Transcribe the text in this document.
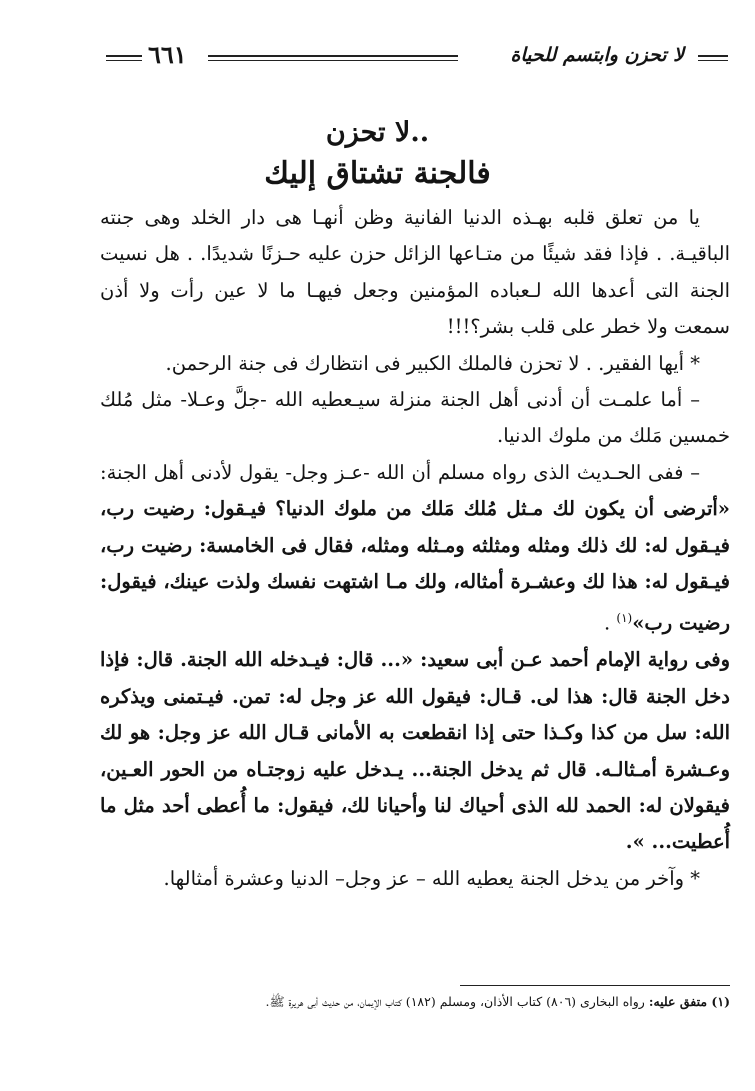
٦٦١	لا تحزن وابتسم للحياة
لا تحزن..
فالجنة تشتاق إليك

يا من تعلق قلبه بهـذه الدنيا الفانية وظن أنهـا هى دار الخلد وهى جنته الباقيـة. . فإذا فقد شيئًا من متـاعها الزائل حزن عليه حـزنًا شديدًا. . هل نسيت الجنة التى أعدها الله لـعباده المؤمنين وجعل فيهـا ما لا عين رأت ولا أذن سمعت ولا خطر على قلب بشر؟!!!

* أيها الفقير. . لا تحزن فالملك الكبير فى انتظارك فى جنة الرحمن.

– أما علمـت أن أدنى أهل الجنة منزلة سيـعطيه الله -جلَّ وعـلا- مثل مُلك خمسين مَلك من ملوك الدنيا.

– ففى الحـديث الذى رواه مسلم أن الله -عـز وجل- يقول لأدنى أهل الجنة: «أترضى أن يكون لك مـثل مُلك مَلك من ملوك الدنيا؟ فيـقول: رضيت رب، فيـقول له: لك ذلك ومثله ومثلثه ومـثله ومثله، فقال فى الخامسة: رضيت رب، فيـقول له: هذا لك وعشـرة أمثاله، ولك مـا اشتهت نفسك ولذت عينك، فيقول: رضيت رب»$^{(١)}$ .

وفى رواية الإمام أحمد عـن أبى سعيد: «... قال: فيـدخله الله الجنة. قال: فإذا دخل الجنة قال: هذا لى. قـال: فيقول الله عز وجل له: تمن. فيـتمنى ويذكره الله: سل من كذا وكـذا حتى إذا انقطعت به الأمانى قـال الله عز وجل: هو لك وعـشرة أمـثالـه. قال ثم يدخل الجنة... يـدخل عليه زوجتـاه من الحور العـين، فيقولان له: الحمد لله الذى أحياك لنا وأحيانا لك، فيقول: ما أُعطى أحد مثل ما أُعطيت... ».

* وآخر من يدخل الجنة يعطيه الله – عز وجل– الدنيا وعشرة أمثالها.

(١) متفق عليه: رواه البخارى (٨٠٦) كتاب الأذان، ومسلم (١٨٢) كتاب الإيمان، من حديث أبى هريرة ﷺ.
